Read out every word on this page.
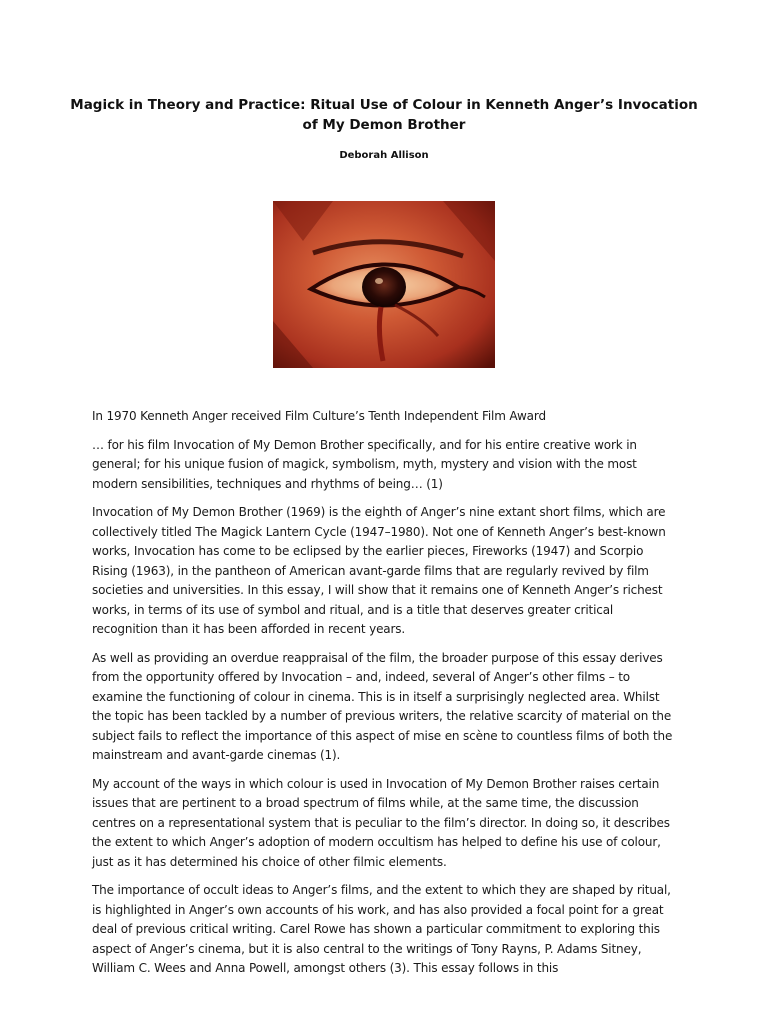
Magick in Theory and Practice: Ritual Use of Colour in Kenneth Anger’s Invocation of My Demon Brother
Deborah Allison

In 1970 Kenneth Anger received Film Culture’s Tenth Independent Film Award

… for his film Invocation of My Demon Brother specifically, and for his entire creative work in general; for his unique fusion of magick, symbolism, myth, mystery and vision with the most modern sensibilities, techniques and rhythms of being… (1)

Invocation of My Demon Brother (1969) is the eighth of Anger’s nine extant short films, which are collectively titled The Magick Lantern Cycle (1947–1980). Not one of Kenneth Anger’s best-known works, Invocation has come to be eclipsed by the earlier pieces, Fireworks (1947) and Scorpio Rising (1963), in the pantheon of American avant-garde films that are regularly revived by film societies and universities. In this essay, I will show that it remains one of Kenneth Anger’s richest works, in terms of its use of symbol and ritual, and is a title that deserves greater critical recognition than it has been afforded in recent years.

As well as providing an overdue reappraisal of the film, the broader purpose of this essay derives from the opportunity offered by Invocation – and, indeed, several of Anger’s other films – to examine the functioning of colour in cinema. This is in itself a surprisingly neglected area. Whilst the topic has been tackled by a number of previous writers, the relative scarcity of material on the subject fails to reflect the importance of this aspect of mise en scène to countless films of both the mainstream and avant-garde cinemas (1).

My account of the ways in which colour is used in Invocation of My Demon Brother raises certain issues that are pertinent to a broad spectrum of films while, at the same time, the discussion centres on a representational system that is peculiar to the film’s director. In doing so, it describes the extent to which Anger’s adoption of modern occultism has helped to define his use of colour, just as it has determined his choice of other filmic elements.

The importance of occult ideas to Anger’s films, and the extent to which they are shaped by ritual, is highlighted in Anger’s own accounts of his work, and has also provided a focal point for a great deal of previous critical writing. Carel Rowe has shown a particular commitment to exploring this aspect of Anger’s cinema, but it is also central to the writings of Tony Rayns, P. Adams Sitney, William C. Wees and Anna Powell, amongst others (3). This essay follows in this
